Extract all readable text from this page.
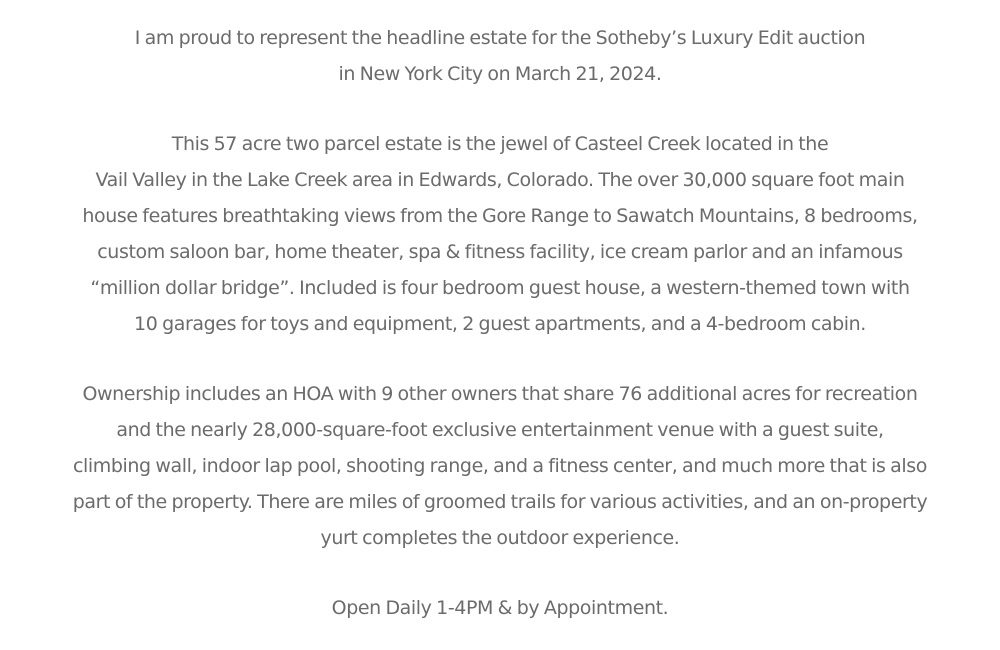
I am proud to represent the headline estate for the Sotheby’s Luxury Edit auction
in New York City on March 21, 2024.

This 57 acre two parcel estate is the jewel of Casteel Creek located in the
Vail Valley in the Lake Creek area in Edwards, Colorado. The over 30,000 square foot main
house features breathtaking views from the Gore Range to Sawatch Mountains, 8 bedrooms,
custom saloon bar, home theater, spa & fitness facility, ice cream parlor and an infamous
“million dollar bridge”. Included is four bedroom guest house, a western-themed town with
10 garages for toys and equipment, 2 guest apartments, and a 4-bedroom cabin.

Ownership includes an HOA with 9 other owners that share 76 additional acres for recreation
and the nearly 28,000-square-foot exclusive entertainment venue with a guest suite,
climbing wall, indoor lap pool, shooting range, and a fitness center, and much more that is also
part of the property. There are miles of groomed trails for various activities, and an on-property
yurt completes the outdoor experience.

Open Daily 1-4PM & by Appointment.
